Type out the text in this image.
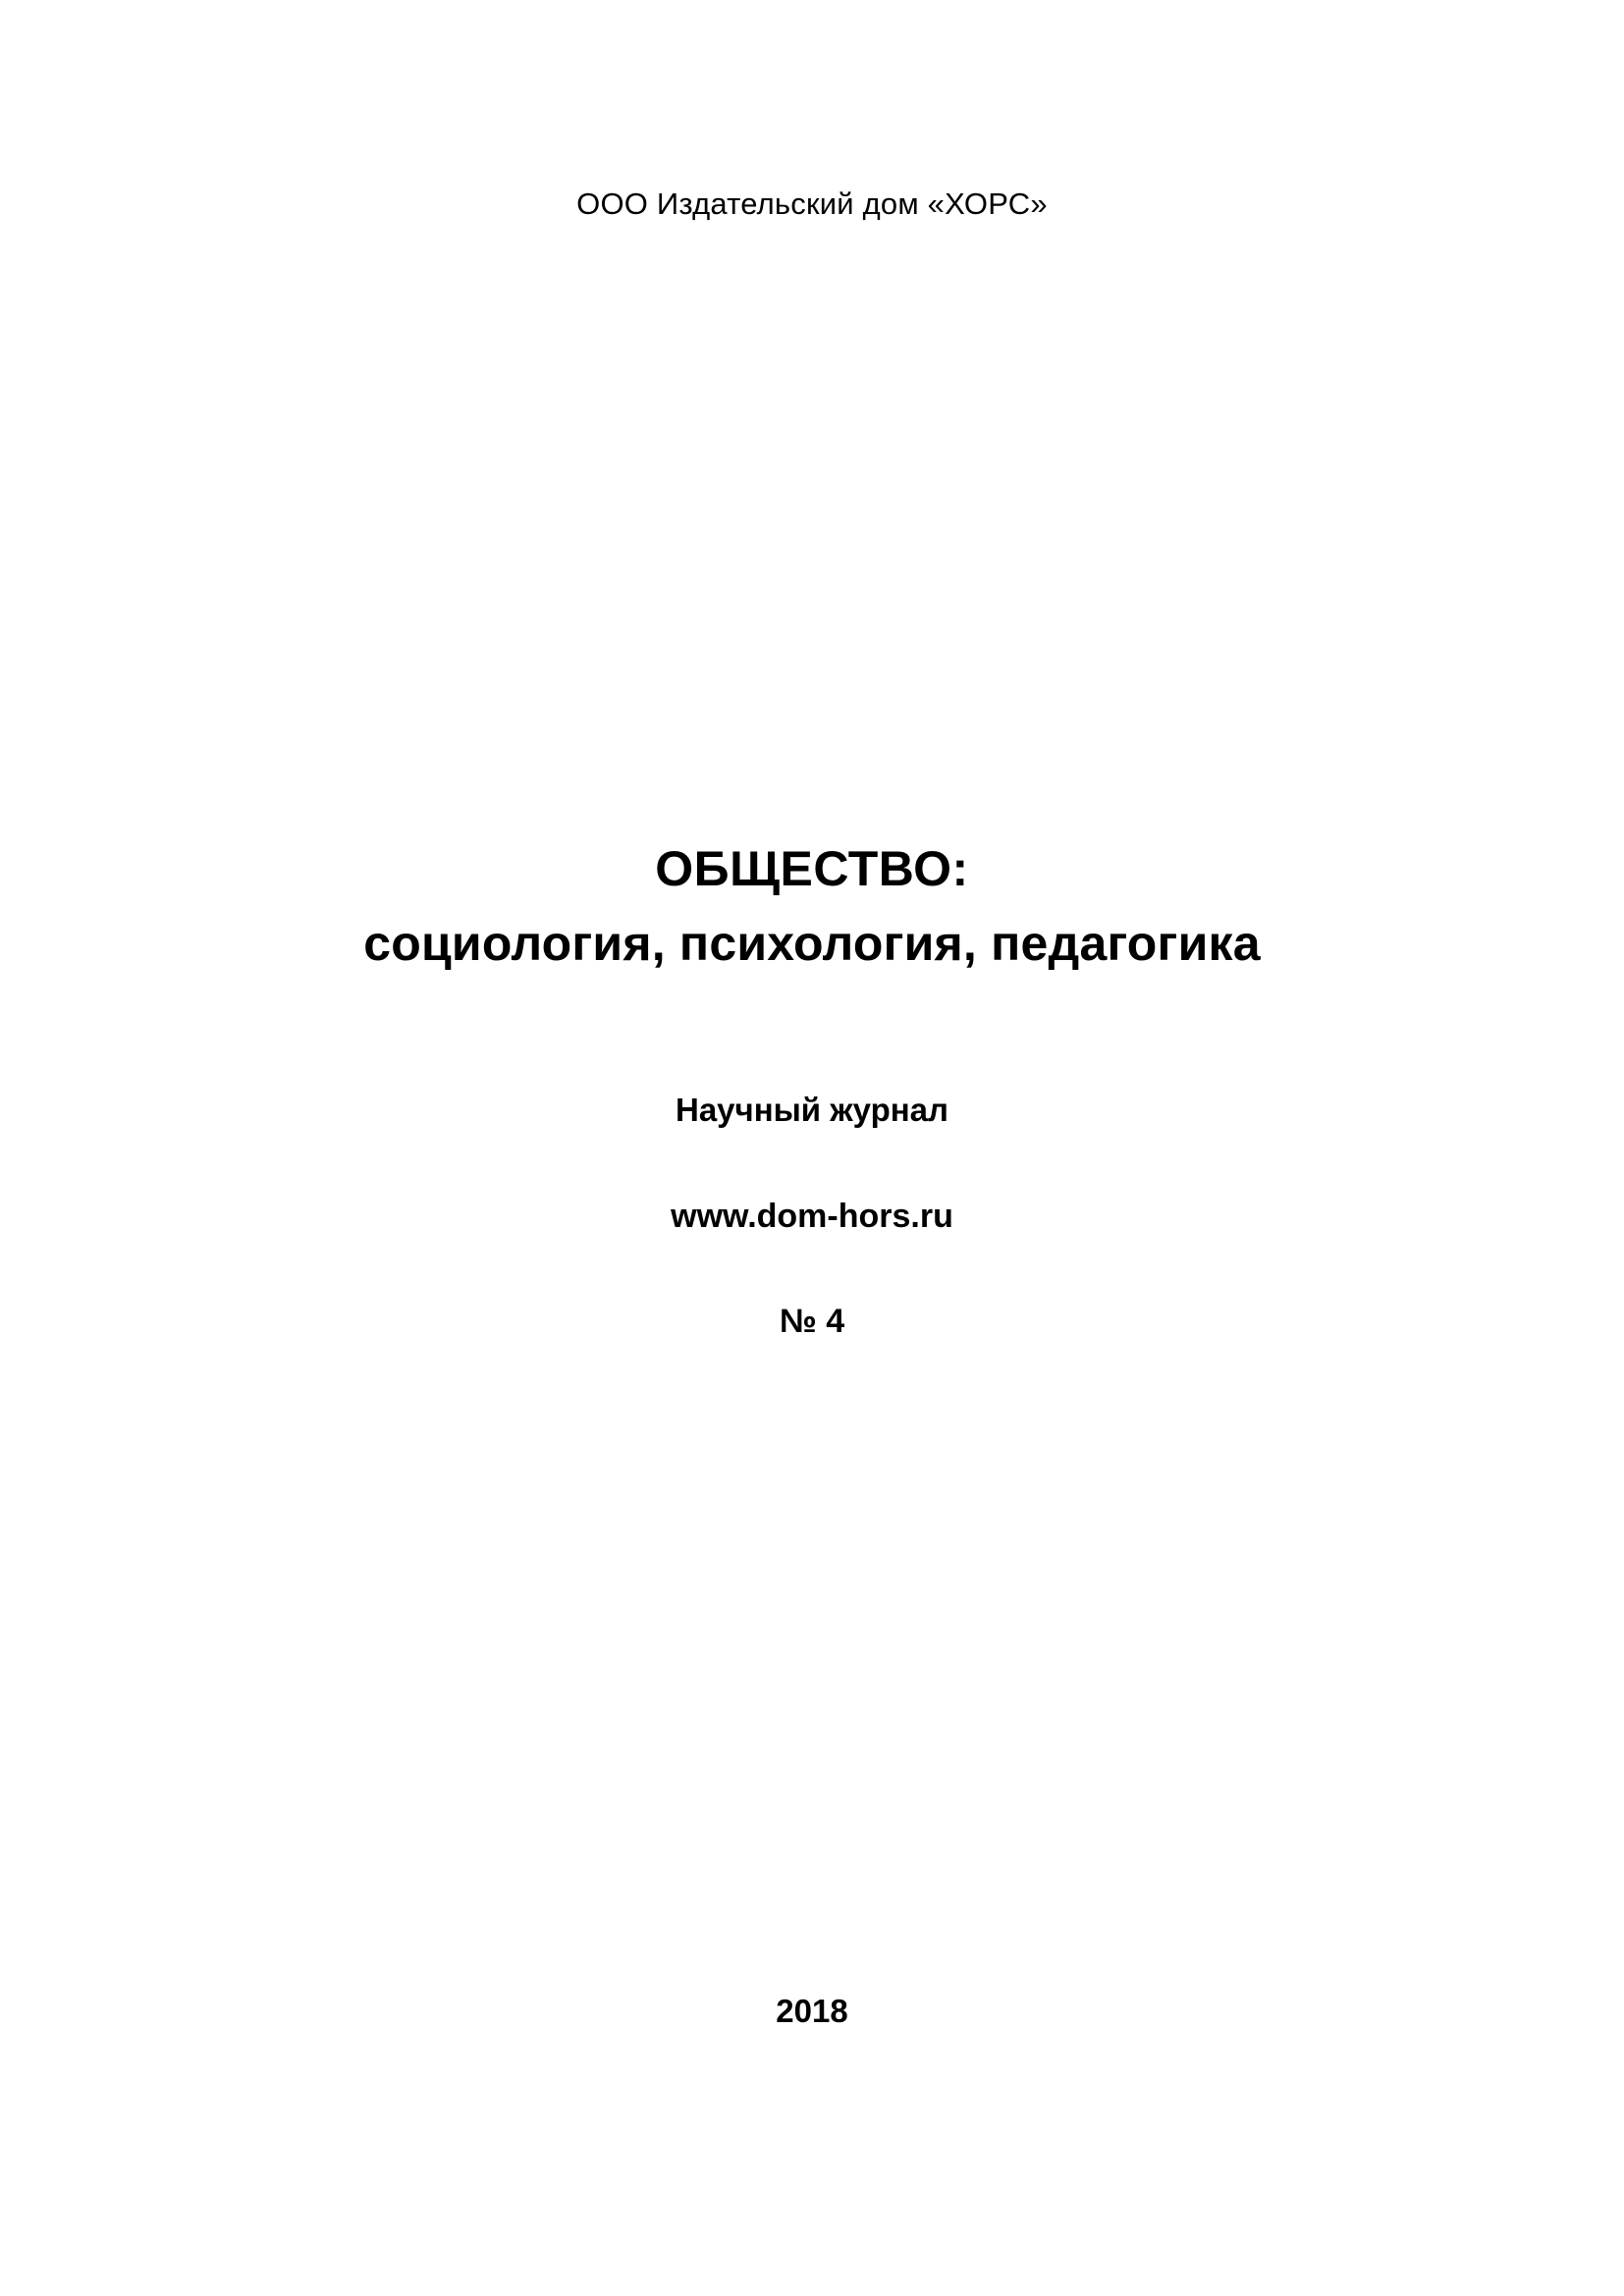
ООО Издательский дом «ХОРС»
ОБЩЕСТВО:
социология, психология, педагогика
Научный журнал
www.dom-hors.ru
№ 4
2018
